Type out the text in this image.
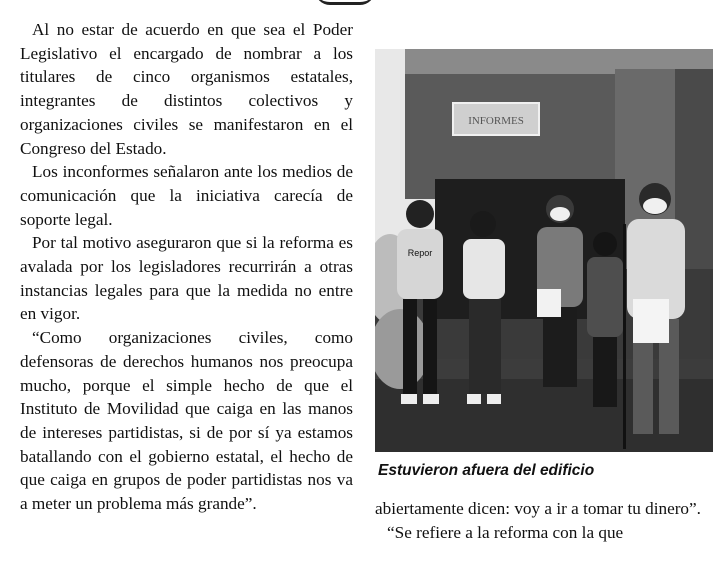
Al no estar de acuerdo en que sea el Poder Legislativo el encargado de nombrar a los titulares de cinco organismos estatales, integrantes de distintos colectivos y organizaciones civiles se manifestaron en el Congreso del Estado.

Los inconformes señalaron ante los medios de comunicación que la iniciativa carecía de soporte legal.

Por tal motivo aseguraron que si la reforma es avalada por los legisladores recurrirán a otras instancias legales para que la medida no entre en vigor.

“Como organizaciones civiles, como defensoras de derechos humanos nos preocupa mucho, porque el simple hecho de que el Instituto de Movilidad que caiga en las manos de intereses partidistas, si de por sí ya estamos batallando con el gobierno estatal, el hecho de que caiga en grupos de poder partidistas nos va a meter un problema más grande”.

INFORMES
Repor
Estuvieron afuera del edificio

abiertamente dicen: voy a ir a tomar tu dinero”.

“Se refiere a la reforma con la que
